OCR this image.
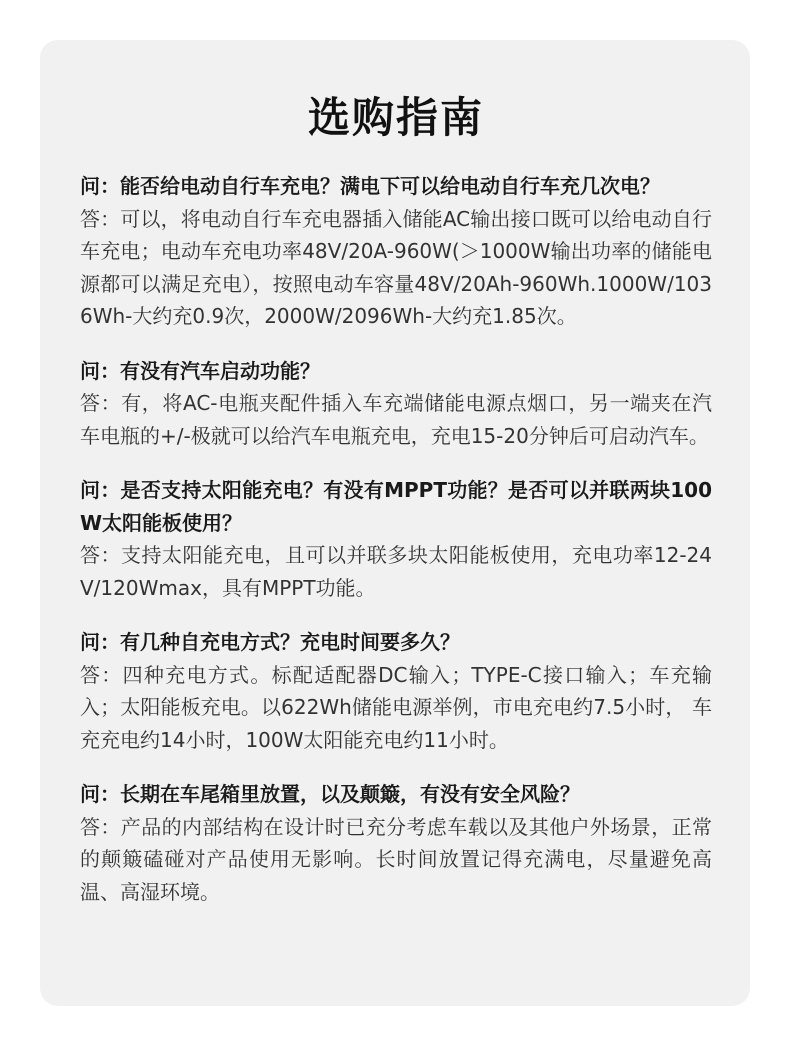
选购指南
问：能否给电动自行车充电？满电下可以给电动自行车充几次电？
答：可以，将电动自行车充电器插入储能AC输出接口既可以给电动自行车充电；电动车充电功率48V/20A-960W(＞1000W输出功率的储能电源都可以满足充电），按照电动车容量48V/20Ah-960Wh.1000W/1036Wh-大约充0.9次，2000W/2096Wh-大约充1.85次。
问：有没有汽车启动功能？
答：有，将AC-电瓶夹配件插入车充端储能电源点烟口，另一端夹在汽车电瓶的+/-极就可以给汽车电瓶充电，充电15-20分钟后可启动汽车。
问：是否支持太阳能充电？有没有MPPT功能？是否可以并联两块100W太阳能板使用？
答：支持太阳能充电，且可以并联多块太阳能板使用，充电功率12-24V/120Wmax，具有MPPT功能。
问：有几种自充电方式？充电时间要多久？
答：四种充电方式。标配适配器DC输入；TYPE-C接口输入；车充输入；太阳能板充电。以622Wh储能电源举例，市电充电约7.5小时， 车充充电约14小时，100W太阳能充电约11小时。
问：长期在车尾箱里放置，以及颠簸，有没有安全风险？
答：产品的内部结构在设计时已充分考虑车载以及其他户外场景，正常的颠簸磕碰对产品使用无影响。长时间放置记得充满电，尽量避免高温、高湿环境。
